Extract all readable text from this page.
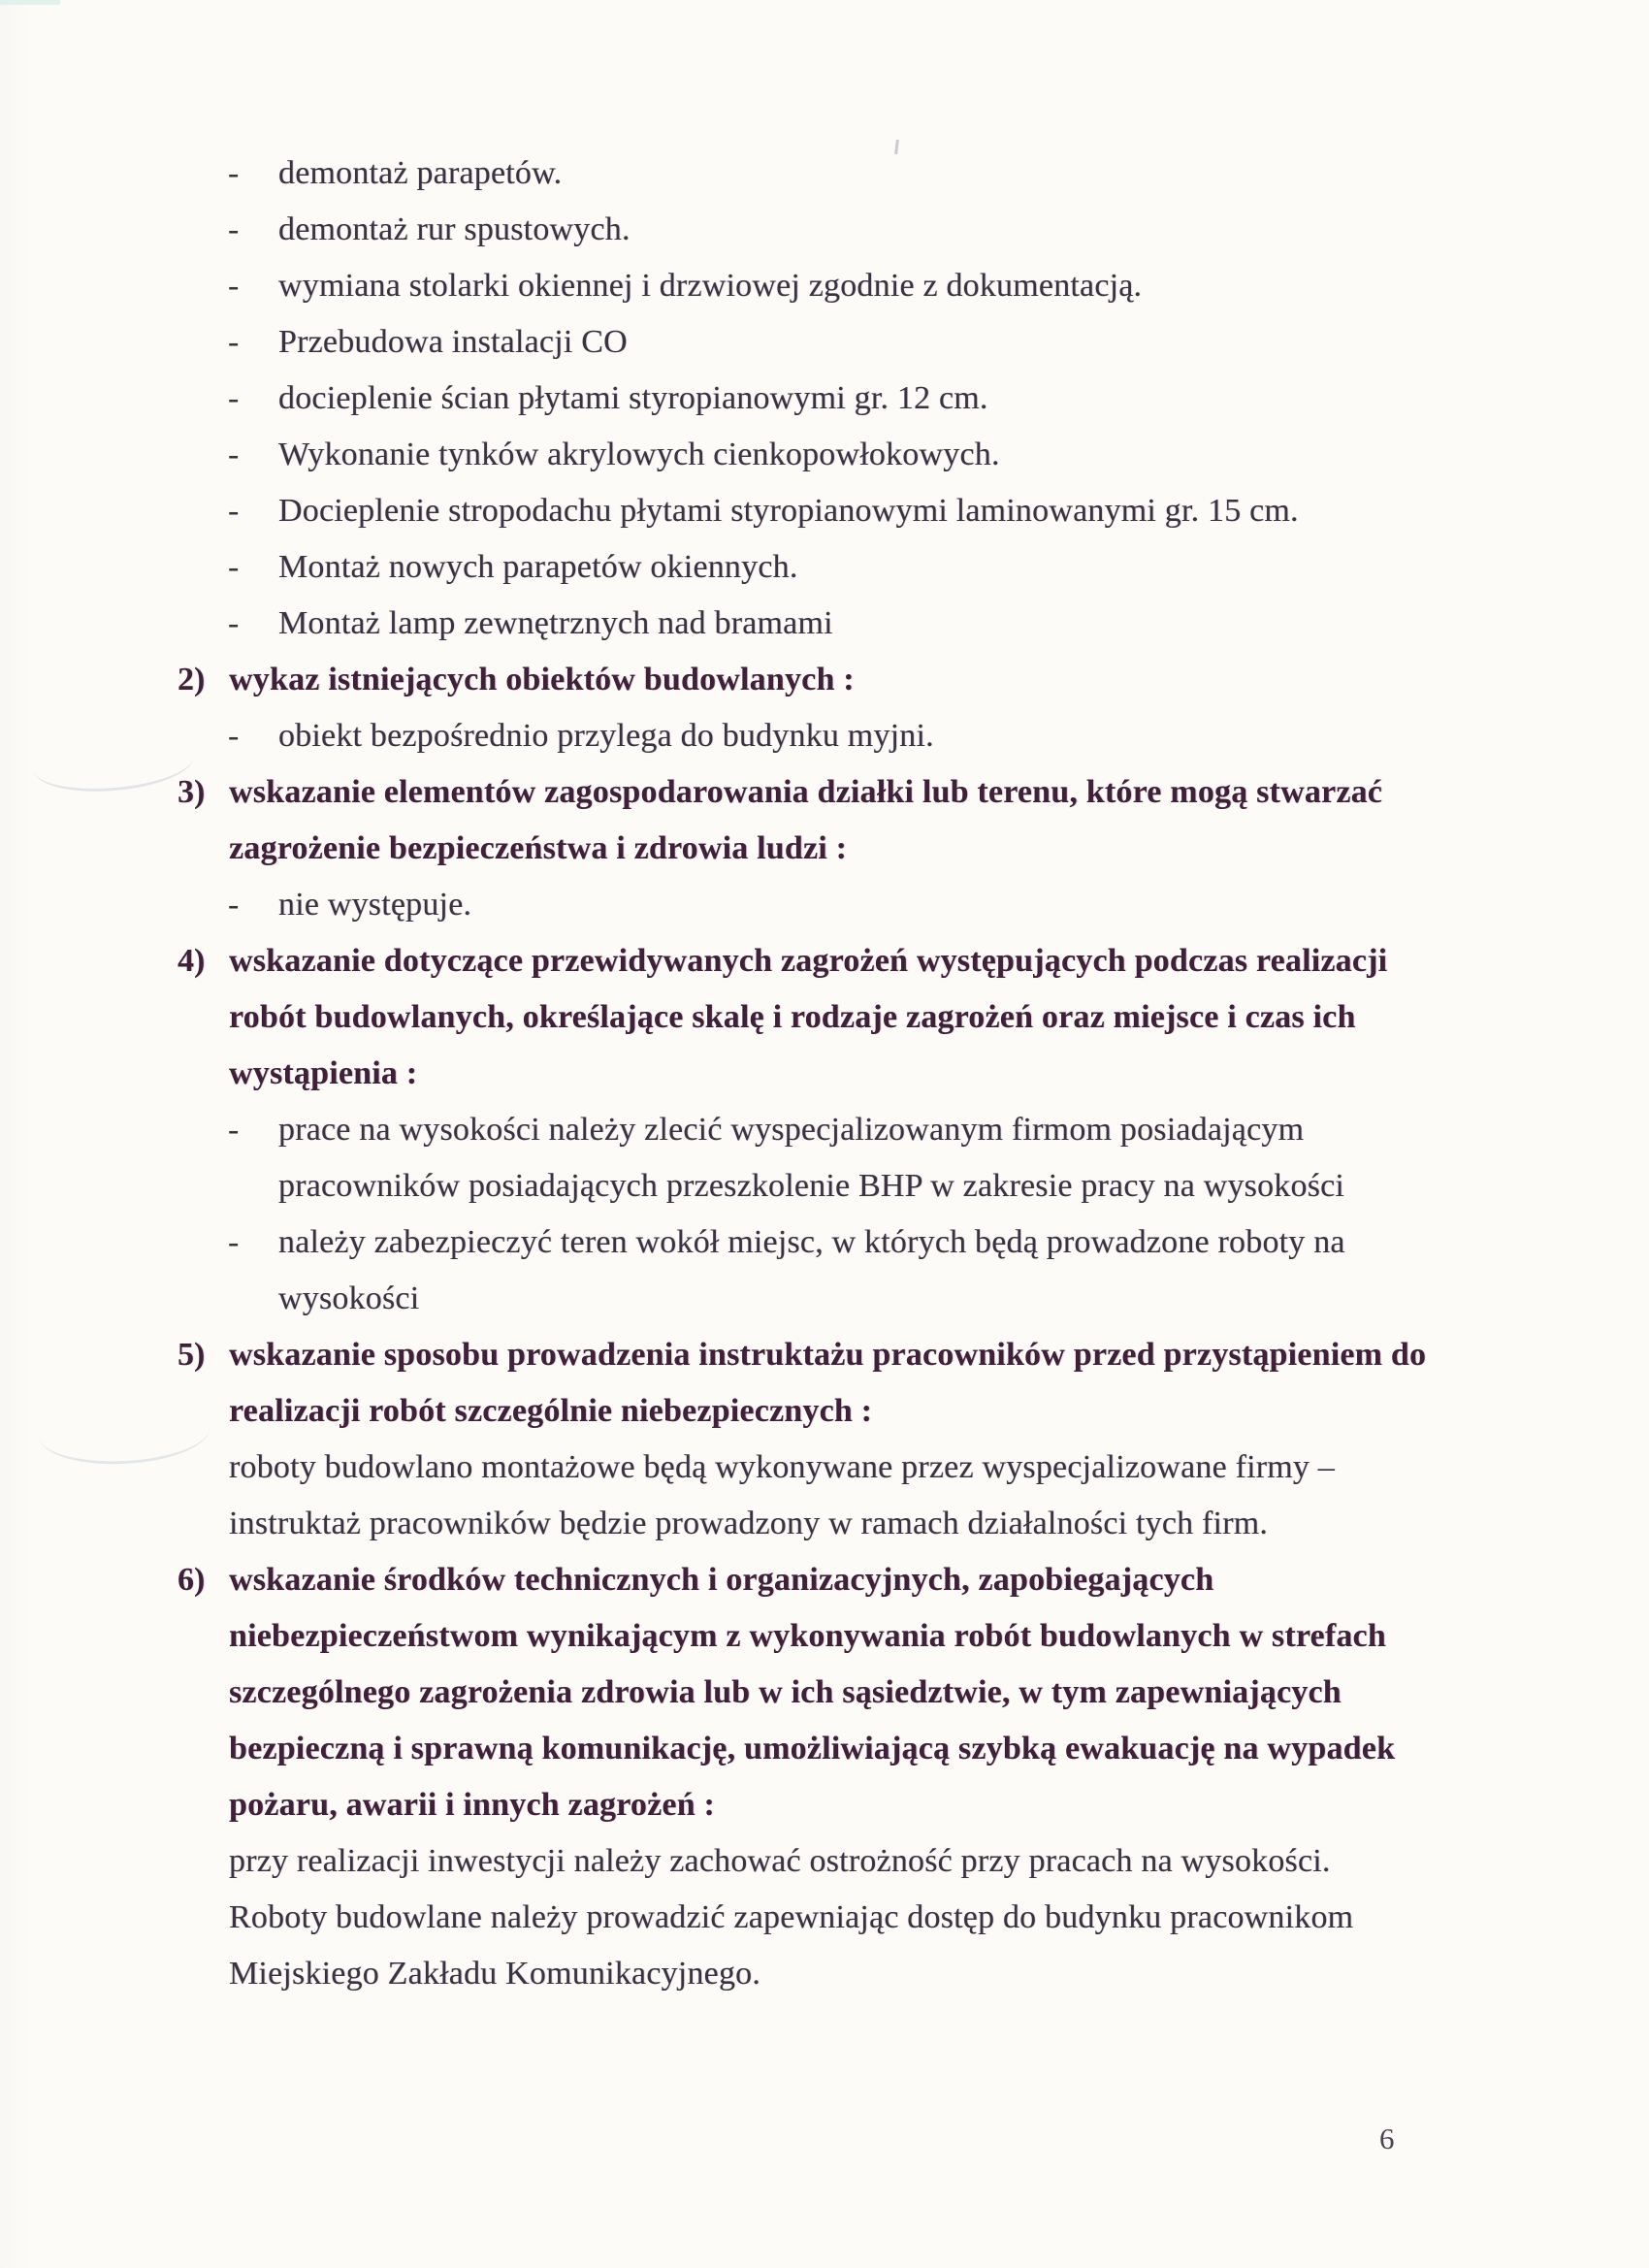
- demontaż parapetów.
- demontaż rur spustowych.
- wymiana stolarki okiennej i drzwiowej zgodnie z dokumentacją.
- Przebudowa instalacji CO
- docieplenie ścian płytami styropianowymi gr. 12 cm.
- Wykonanie tynków akrylowych cienkopowłokowych.
- Docieplenie stropodachu płytami styropianowymi laminowanymi gr. 15 cm.
- Montaż nowych parapetów okiennych.
- Montaż lamp zewnętrznych nad bramami
2) wykaz istniejących obiektów budowlanych :
- obiekt bezpośrednio przylega do budynku myjni.
3) wskazanie elementów zagospodarowania działki lub terenu, które mogą stwarzać
zagrożenie bezpieczeństwa i zdrowia ludzi :
- nie występuje.
4) wskazanie dotyczące przewidywanych zagrożeń występujących podczas realizacji
robót budowlanych, określające skalę i rodzaje zagrożeń oraz miejsce i czas ich
wystąpienia :
- prace na wysokości należy zlecić wyspecjalizowanym firmom posiadającym
pracowników posiadających przeszkolenie BHP w zakresie pracy na wysokości
- należy zabezpieczyć teren wokół miejsc, w których będą prowadzone roboty na
wysokości
5) wskazanie sposobu prowadzenia instruktażu pracowników przed przystąpieniem do
realizacji robót szczególnie niebezpiecznych :
roboty budowlano montażowe będą wykonywane przez wyspecjalizowane firmy –
instruktaż pracowników będzie prowadzony w ramach działalności tych firm.
6) wskazanie środków technicznych i organizacyjnych, zapobiegających
niebezpieczeństwom wynikającym z wykonywania robót budowlanych w strefach
szczególnego zagrożenia zdrowia lub w ich sąsiedztwie, w tym zapewniających
bezpieczną i sprawną komunikację, umożliwiającą szybką ewakuację na wypadek
pożaru, awarii i innych zagrożeń :
przy realizacji inwestycji należy zachować ostrożność przy pracach na wysokości.
Roboty budowlane należy prowadzić zapewniając dostęp do budynku pracownikom
Miejskiego Zakładu Komunikacyjnego.
6
